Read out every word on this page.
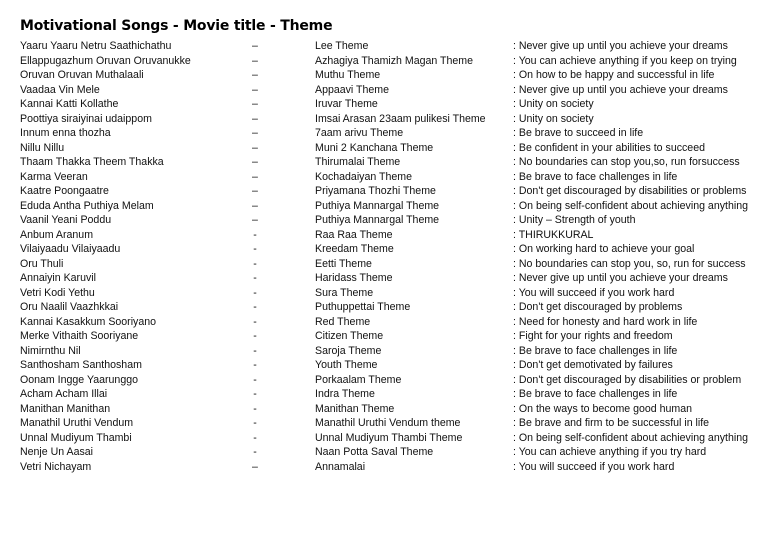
Motivational Songs - Movie title - Theme
Yaaru Yaaru Netru Saathichathu	–	Lee Theme	: Never give up until you achieve your dreams
Ellappugazhum Oruvan Oruvanukke	–	Azhagiya Thamizh Magan Theme	: You can achieve anything if you keep on trying
Oruvan Oruvan Muthalaali	–	Muthu Theme	: On how to be happy and successful in life
Vaadaa Vin Mele	–	Appaavi Theme	: Never give up until you achieve your dreams
Kannai Katti Kollathe	–	Iruvar Theme	: Unity on society
Poottiya siraiyinai udaippom	–	Imsai Arasan 23aam pulikesi Theme	: Unity on society
Innum enna thozha	–	7aam arivu Theme	: Be brave to succeed in life
Nillu Nillu	–	Muni 2 Kanchana Theme	: Be confident in your abilities to succeed
Thaam Thakka Theem Thakka	–	Thirumalai Theme	: No boundaries can stop you,so, run forsuccess
Karma Veeran	–	Kochadaiyan Theme	: Be brave to face challenges in life
Kaatre Poongaatre	–	Priyamana Thozhi Theme	: Don't get discouraged by disabilities or problems
Eduda Antha Puthiya Melam	–	Puthiya Mannargal Theme	: On being self-confident about achieving anything
Vaanil Yeani Poddu	–	Puthiya Mannargal Theme	: Unity – Strength of youth
Anbum Aranum	-	Raa Raa Theme	: THIRUKKURAL
Vilaiyaadu Vilaiyaadu	-	Kreedam Theme	: On working hard to achieve your goal
Oru Thuli	-	Eetti Theme	: No boundaries can stop you, so, run for success
Annaiyin Karuvil	-	Haridass Theme	: Never give up until you achieve your dreams
Vetri Kodi Yethu	-	Sura Theme	: You will succeed if you work hard
Oru Naalil Vaazhkkai	-	Puthuppettai Theme	: Don't get discouraged by problems
Kannai Kasakkum Sooriyano	-	Red Theme	: Need for honesty and hard work in life
Merke Vithaith Sooriyane	-	Citizen Theme	: Fight for your rights and freedom
Nimirnthu Nil	-	Saroja Theme	: Be brave to face challenges in life
Santhosham Santhosham	-	Youth Theme	: Don't get demotivated by failures
Oonam Ingge Yaarunggo	-	Porkaalam Theme	: Don't get discouraged by disabilities or problem
Acham Acham Illai	-	Indra Theme	: Be brave to face challenges in life
Manithan Manithan	-	Manithan Theme	: On the ways to become good human
Manathil Uruthi Vendum	-	Manathil Uruthi Vendum theme	: Be brave and firm to be successful in life
Unnal Mudiyum Thambi	-	Unnal Mudiyum Thambi Theme	: On being self-confident about achieving anything
Nenje Un Aasai	-	Naan Potta Saval Theme	: You can achieve anything if you try hard
Vetri Nichayam	–	Annamalai	: You will succeed if you work hard
